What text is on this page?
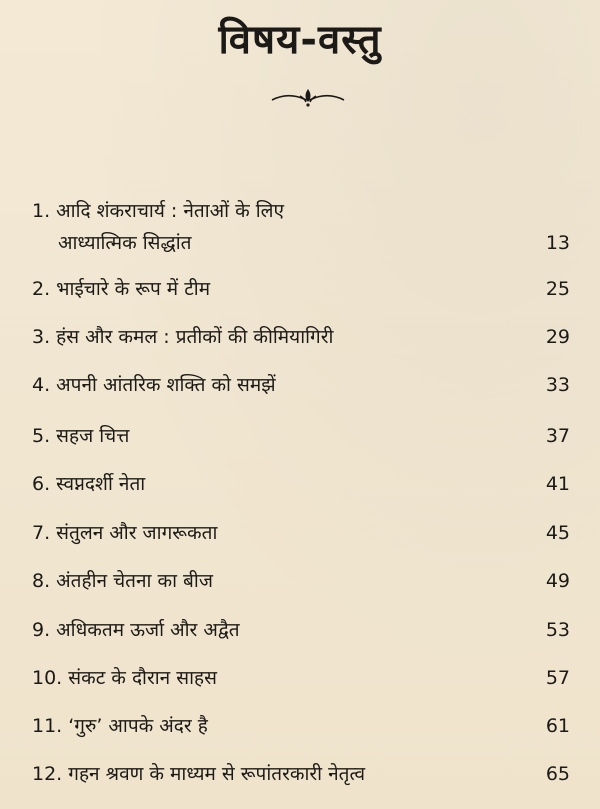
विषय-वस्तु
1. आदि शंकराचार्य : नेताओं के लिए
आध्यात्मिक सिद्धांत	13
2. भाईचारे के रूप में टीम	25
3. हंस और कमल : प्रतीकों की कीमियागिरी	29
4. अपनी आंतरिक शक्ति को समझें	33
5. सहज चित्त	37
6. स्वप्नदर्शी नेता	41
7. संतुलन और जागरूकता	45
8. अंतहीन चेतना का बीज	49
9. अधिकतम ऊर्जा और अद्वैत	53
10. संकट के दौरान साहस	57
11. ‘गुरु’ आपके अंदर है	61
12. गहन श्रवण के माध्यम से रूपांतरकारी नेतृत्व	65
